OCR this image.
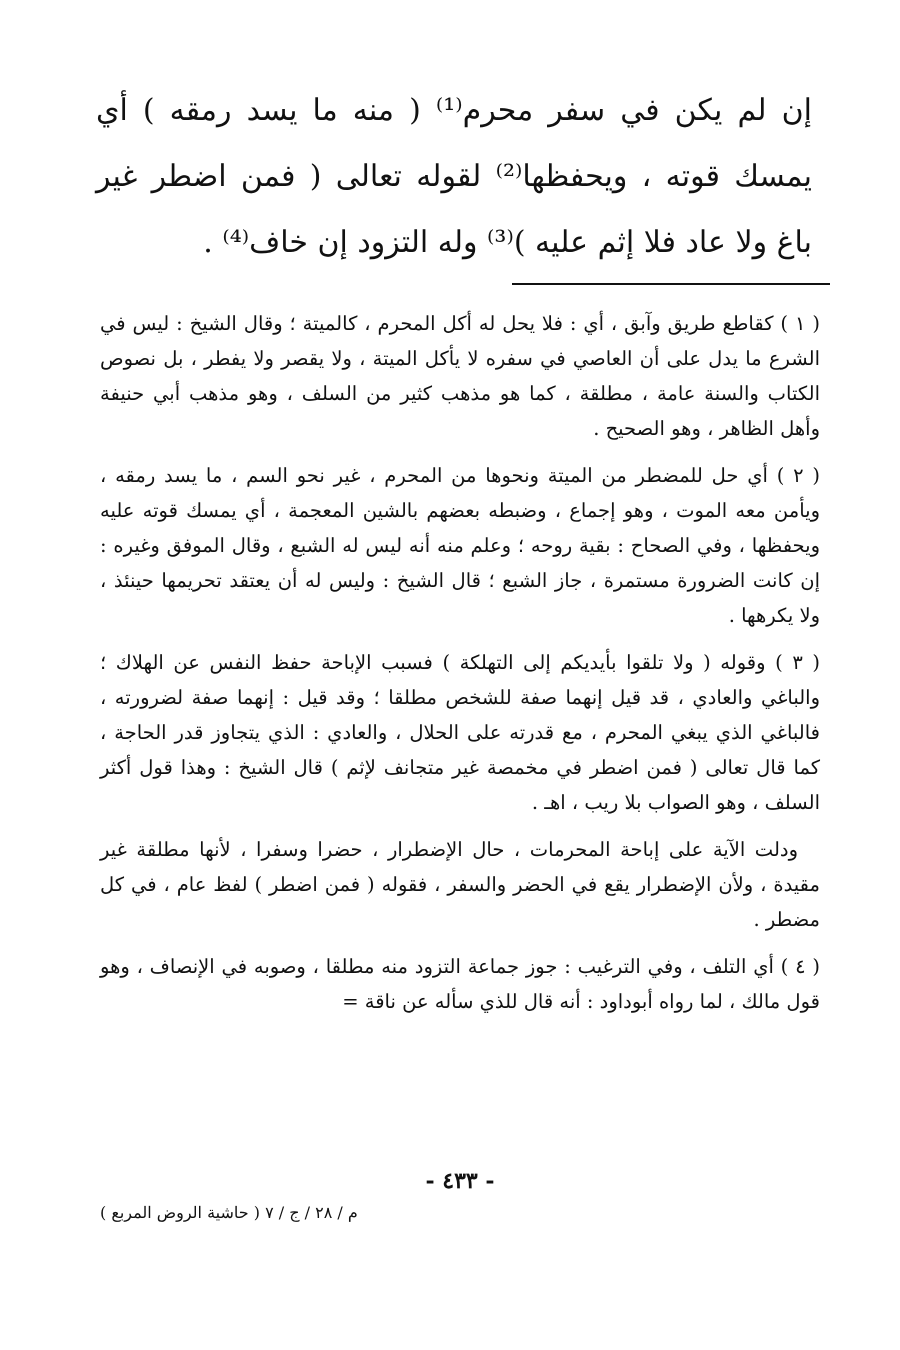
إن لم يكن في سفر محرم⁽¹⁾ ( منه ما يسد رمقه ) أي يمسك قوته ، ويحفظها⁽²⁾ لقوله تعالى ( فمن اضطر غير باغ ولا عاد فلا إثم عليه )⁽³⁾ وله التزود إن خاف⁽⁴⁾ .

( ١ ) كقاطع طريق وآبق ، أي : فلا يحل له أكل المحرم ، كالميتة ؛ وقال الشيخ : ليس في الشرع ما يدل على أن العاصي في سفره لا يأكل الميتة ، ولا يقصر ولا يفطر ، بل نصوص الكتاب والسنة عامة ، مطلقة ، كما هو مذهب كثير من السلف ، وهو مذهب أبي حنيفة وأهل الظاهر ، وهو الصحيح .

( ٢ ) أي حل للمضطر من الميتة ونحوها من المحرم ، غير نحو السم ، ما يسد رمقه ، ويأمن معه الموت ، وهو إجماع ، وضبطه بعضهم بالشين المعجمة ، أي يمسك قوته عليه ويحفظها ، وفي الصحاح : بقية روحه ؛ وعلم منه أنه ليس له الشبع ، وقال الموفق وغيره : إن كانت الضرورة مستمرة ، جاز الشبع ؛ قال الشيخ : وليس له أن يعتقد تحريمها حينئذ ، ولا يكرهها .

( ٣ ) وقوله ( ولا تلقوا بأيديكم إلى التهلكة ) فسبب الإباحة حفظ النفس عن الهلاك ؛ والباغي والعادي ، قد قيل إنهما صفة للشخص مطلقا ؛ وقد قيل : إنهما صفة لضرورته ، فالباغي الذي يبغي المحرم ، مع قدرته على الحلال ، والعادي : الذي يتجاوز قدر الحاجة ، كما قال تعالى ( فمن اضطر في مخمصة غير متجانف لإثم ) قال الشيخ : وهذا قول أكثر السلف ، وهو الصواب بلا ريب ، اهـ .

ودلت الآية على إباحة المحرمات ، حال الإضطرار ، حضرا وسفرا ، لأنها مطلقة غير مقيدة ، ولأن الإضطرار يقع في الحضر والسفر ، فقوله ( فمن اضطر ) لفظ عام ، في كل مضطر .

( ٤ ) أي التلف ، وفي الترغيب : جوز جماعة التزود منه مطلقا ، وصوبه في الإنصاف ، وهو قول مالك ، لما رواه أبوداود : أنه قال للذي سأله عن ناقة =

- ٤٣٣ -
م / ٢٨ / ج / ٧ ( حاشية الروض المربع )
